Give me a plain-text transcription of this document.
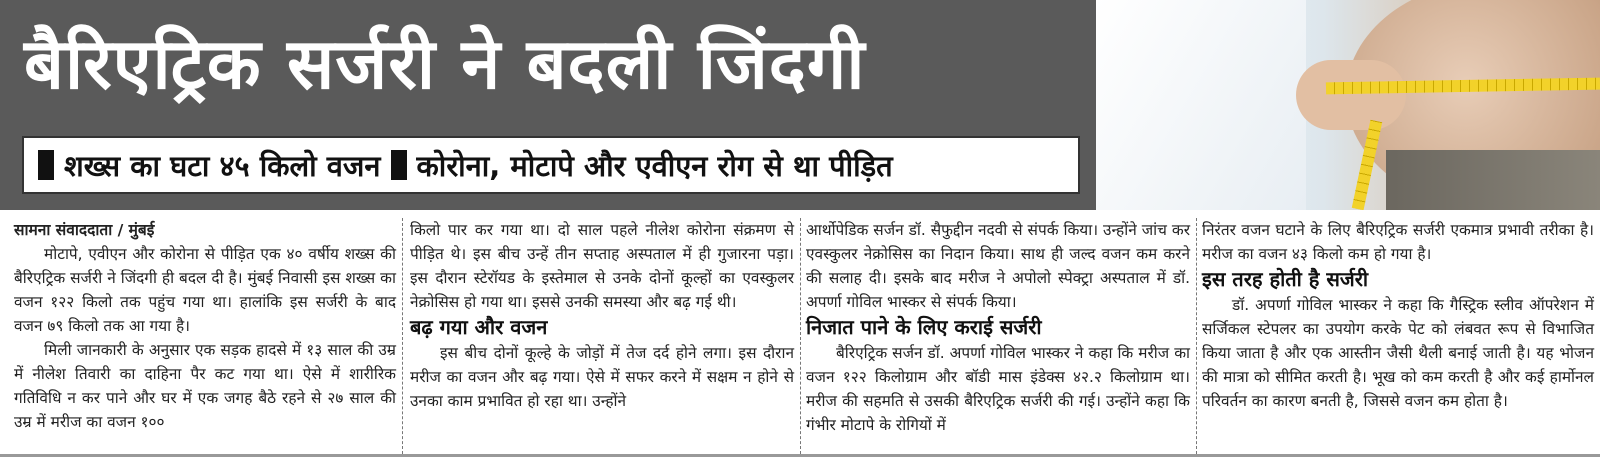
बैरिएट्रिक सर्जरी ने बदली जिंदगी
शख्स का घटा ४५ किलो वजन कोरोना, मोटापे और एवीएन रोग से था पीड़ित

सामना संवाददाता / मुंबई

मोटापे, एवीएन और कोरोना से पीड़ित एक ४० वर्षीय शख्स की बैरिएट्रिक सर्जरी ने जिंदगी ही बदल दी है। मुंबई निवासी इस शख्स का वजन १२२ किलो तक पहुंच गया था। हालांकि इस सर्जरी के बाद वजन ७९ किलो तक आ गया है।

मिली जानकारी के अनुसार एक सड़क हादसे में १३ साल की उम्र में नीलेश तिवारी का दाहिना पैर कट गया था। ऐसे में शारीरिक गतिविधि न कर पाने और घर में एक जगह बैठे रहने से २७ साल की उम्र में मरीज का वजन १००

किलो पार कर गया था। दो साल पहले नीलेश कोरोना संक्रमण से पीड़ित थे। इस बीच उन्हें तीन सप्ताह अस्पताल में ही गुजारना पड़ा। इस दौरान स्टेरॉयड के इस्तेमाल से उनके दोनों कूल्हों का एवस्कुलर नेक्रोसिस हो गया था। इससे उनकी समस्या और बढ़ गई थी।

बढ़ गया और वजन

इस बीच दोनों कूल्हे के जोड़ों में तेज दर्द होने लगा। इस दौरान मरीज का वजन और बढ़ गया। ऐसे में सफर करने में सक्षम न होने से उनका काम प्रभावित हो रहा था। उन्होंने

आर्थोपेडिक सर्जन डॉ. सैफुद्दीन नदवी से संपर्क किया। उन्होंने जांच कर एवस्कुलर नेक्रोसिस का निदान किया। साथ ही जल्द वजन कम करने की सलाह दी। इसके बाद मरीज ने अपोलो स्पेक्ट्रा अस्पताल में डॉ. अपर्णा गोविल भास्कर से संपर्क किया।

निजात पाने के लिए कराई सर्जरी

बैरिएट्रिक सर्जन डॉ. अपर्णा गोविल भास्कर ने कहा कि मरीज का वजन १२२ किलोग्राम और बॉडी मास इंडेक्स ४२.२ किलोग्राम था। मरीज की सहमति से उसकी बैरिएट्रिक सर्जरी की गई। उन्होंने कहा कि गंभीर मोटापे के रोगियों में

निरंतर वजन घटाने के लिए बैरिएट्रिक सर्जरी एकमात्र प्रभावी तरीका है। मरीज का वजन ४३ किलो कम हो गया है।

इस तरह होती है सर्जरी

डॉ. अपर्णा गोविल भास्कर ने कहा कि गैस्ट्रिक स्लीव ऑपरेशन में सर्जिकल स्टेपलर का उपयोग करके पेट को लंबवत रूप से विभाजित किया जाता है और एक आस्तीन जैसी थैली बनाई जाती है। यह भोजन की मात्रा को सीमित करती है। भूख को कम करती है और कई हार्मोनल परिवर्तन का कारण बनती है, जिससे वजन कम होता है।
